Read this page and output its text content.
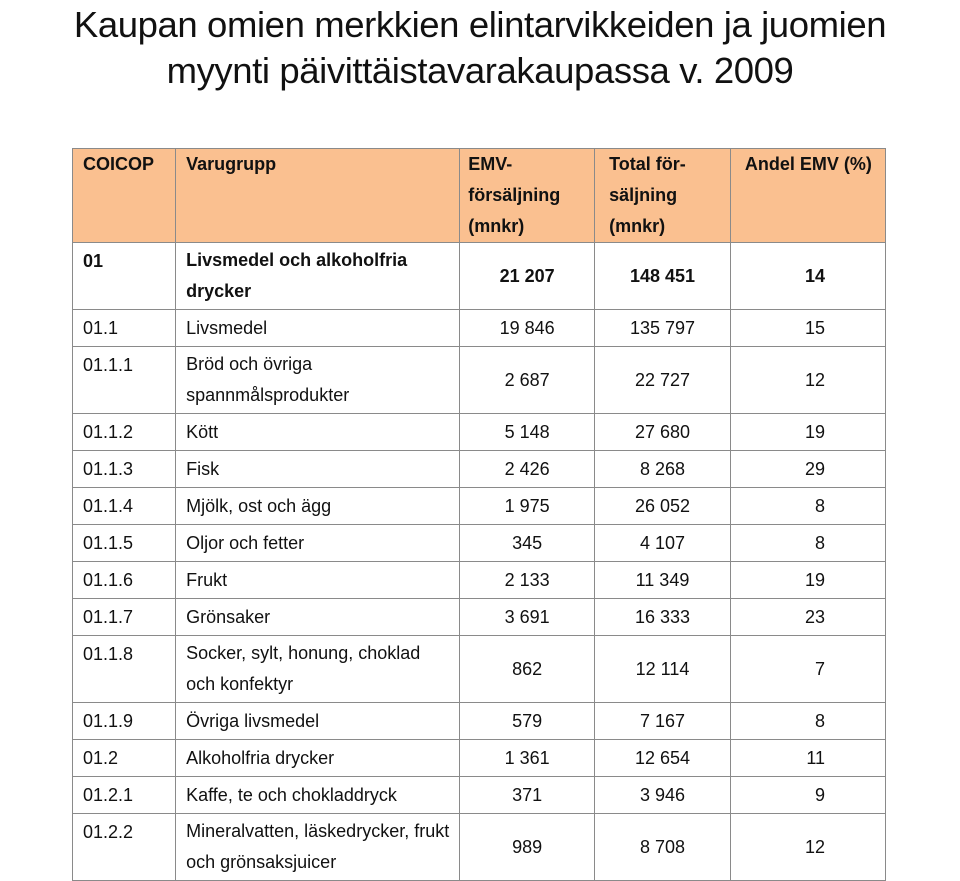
Kaupan omien merkkien elintarvikkeiden ja juomien
myynti päivittäistavarakaupassa v. 2009
COICOP	Varugrupp	EMV-försäljning (mnkr)	Total för-säljning (mnkr)	Andel EMV (%)
01	Livsmedel och alkoholfria drycker	21 207	148 451	14
01.1	Livsmedel	19 846	135 797	15
01.1.1	Bröd och övriga spannmålsprodukter	2 687	22 727	12
01.1.2	Kött	5 148	27 680	19
01.1.3	Fisk	2 426	8 268	29
01.1.4	Mjölk, ost och ägg	1 975	26 052	8
01.1.5	Oljor och fetter	345	4 107	8
01.1.6	Frukt	2 133	11 349	19
01.1.7	Grönsaker	3 691	16 333	23
01.1.8	Socker, sylt, honung, choklad och konfektyr	862	12 114	7
01.1.9	Övriga livsmedel	579	7 167	8
01.2	Alkoholfria drycker	1 361	12 654	11
01.2.1	Kaffe, te och chokladdryck	371	3 946	9
01.2.2	Mineralvatten, läskedrycker, frukt och grönsaksjuicer	989	8 708	12
